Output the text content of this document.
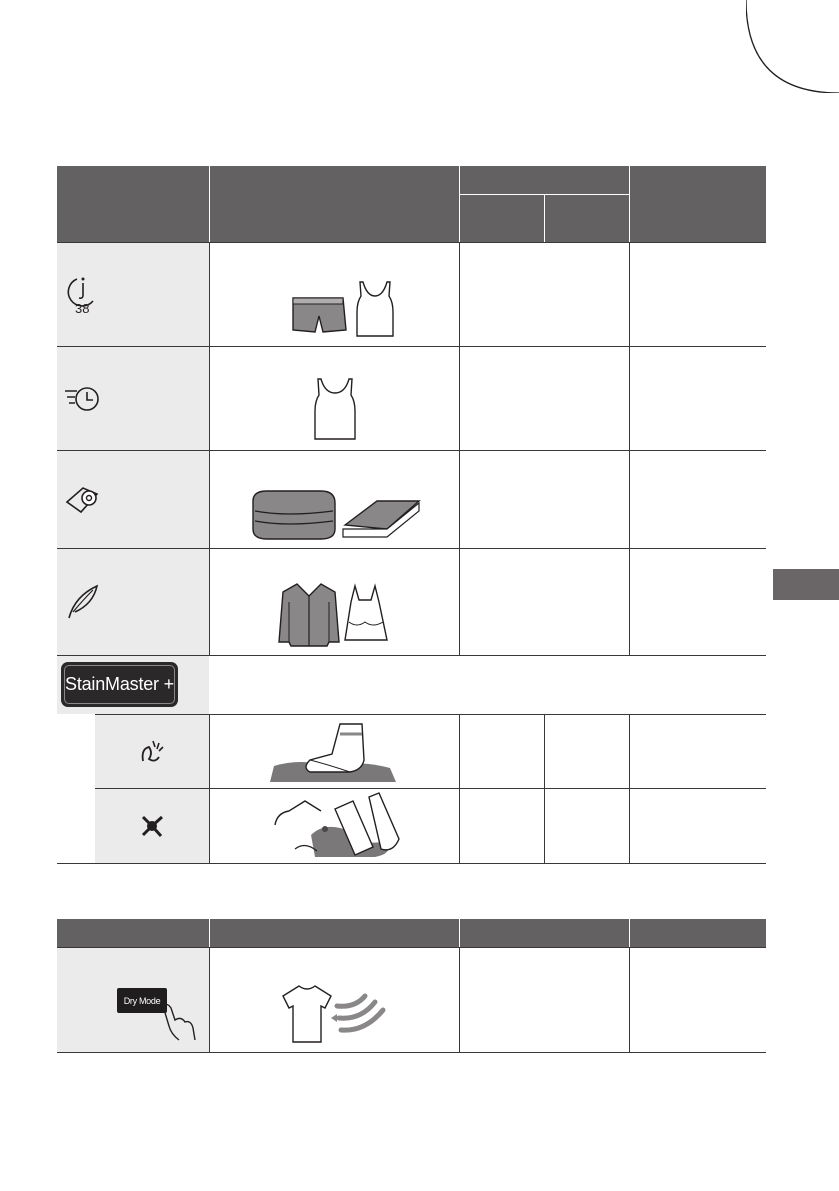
38
StainMaster +
Dry Mode
